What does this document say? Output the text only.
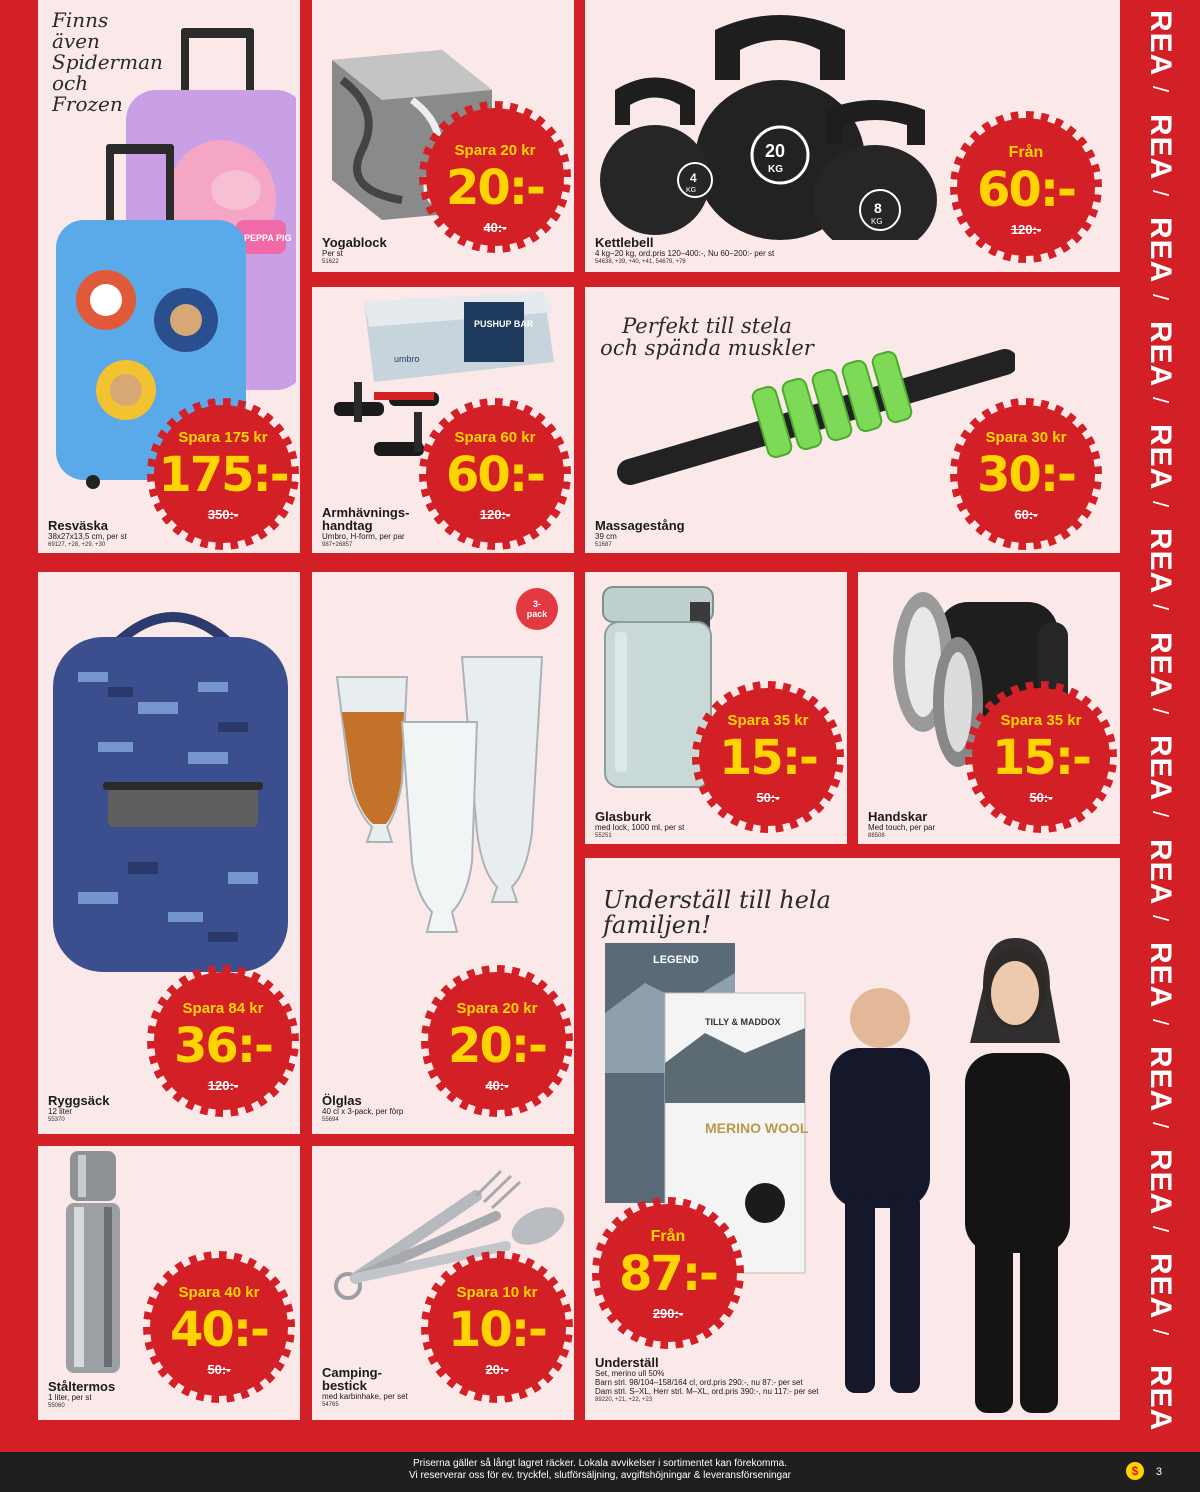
Finns även
Spiderman
och
Frozen
PEPPA PIG
Spara 175 kr
175:-
350:-
Resväska
38x27x13,5 cm, per st
69127, +28, +29, +30
Spara 20 kr
20:-
40:-
Yogablock
Per st
51622
20
KG
4
KG
8
KG
Från
60:-
120:-
Kettlebell
4 kg–20 kg, ord.pris 120–400:-, Nu 60–200:- per st
54638, +39, +40, +41, 54679, +78
PUSHUP BAR
umbro
Spara 60 kr
60:-
120:-
Armhävnings-
handtag
Umbro, H-form, per par
987+26857
Perfekt till stela
och spända muskler
Spara 30 kr
30:-
60:-
Massagestång
39 cm
51687
Spara 84 kr
36:-
120:-
Ryggsäck
12 liter
55370
3-
pack
Spara 20 kr
20:-
40:-
Ölglas
40 cl x 3-pack, per förp
55694
Spara 35 kr
15:-
50:-
Glasburk
med lock, 1000 ml, per st
55251
Spara 35 kr
15:-
50:-
Handskar
Med touch, per par
88508
Underställ till hela familjen!
LEGEND
TILLY & MADDOX
MERINO WOOL
Från
87:-
290:-
Underställ
Set, merino ull 50%
Barn strl. 98/104–158/164 cl, ord.pris 290:-, nu 87:- per set
Dam strl. S–XL, Herr strl. M–XL, ord.pris 390:-, nu 117:- per set
89220, +21, +22, +23
Spara 40 kr
40:-
50:-
Ståltermos
1 liter, per st
55060
Spara 10 kr
10:-
20:-
Camping-
bestick
med karbinhake, per set
54765
REA/
REA/
REA/
REA/
REA/
REA/
REA/
REA/
REA/
REA/
REA/
REA/
REA/
REA
Priserna gäller så långt lagret räcker. Lokala avvikelser i sortimentet kan förekomma.
Vi reserverar oss för ev. tryckfel, slutförsäljning, avgiftshöjningar & leveransförseningar	$	3
